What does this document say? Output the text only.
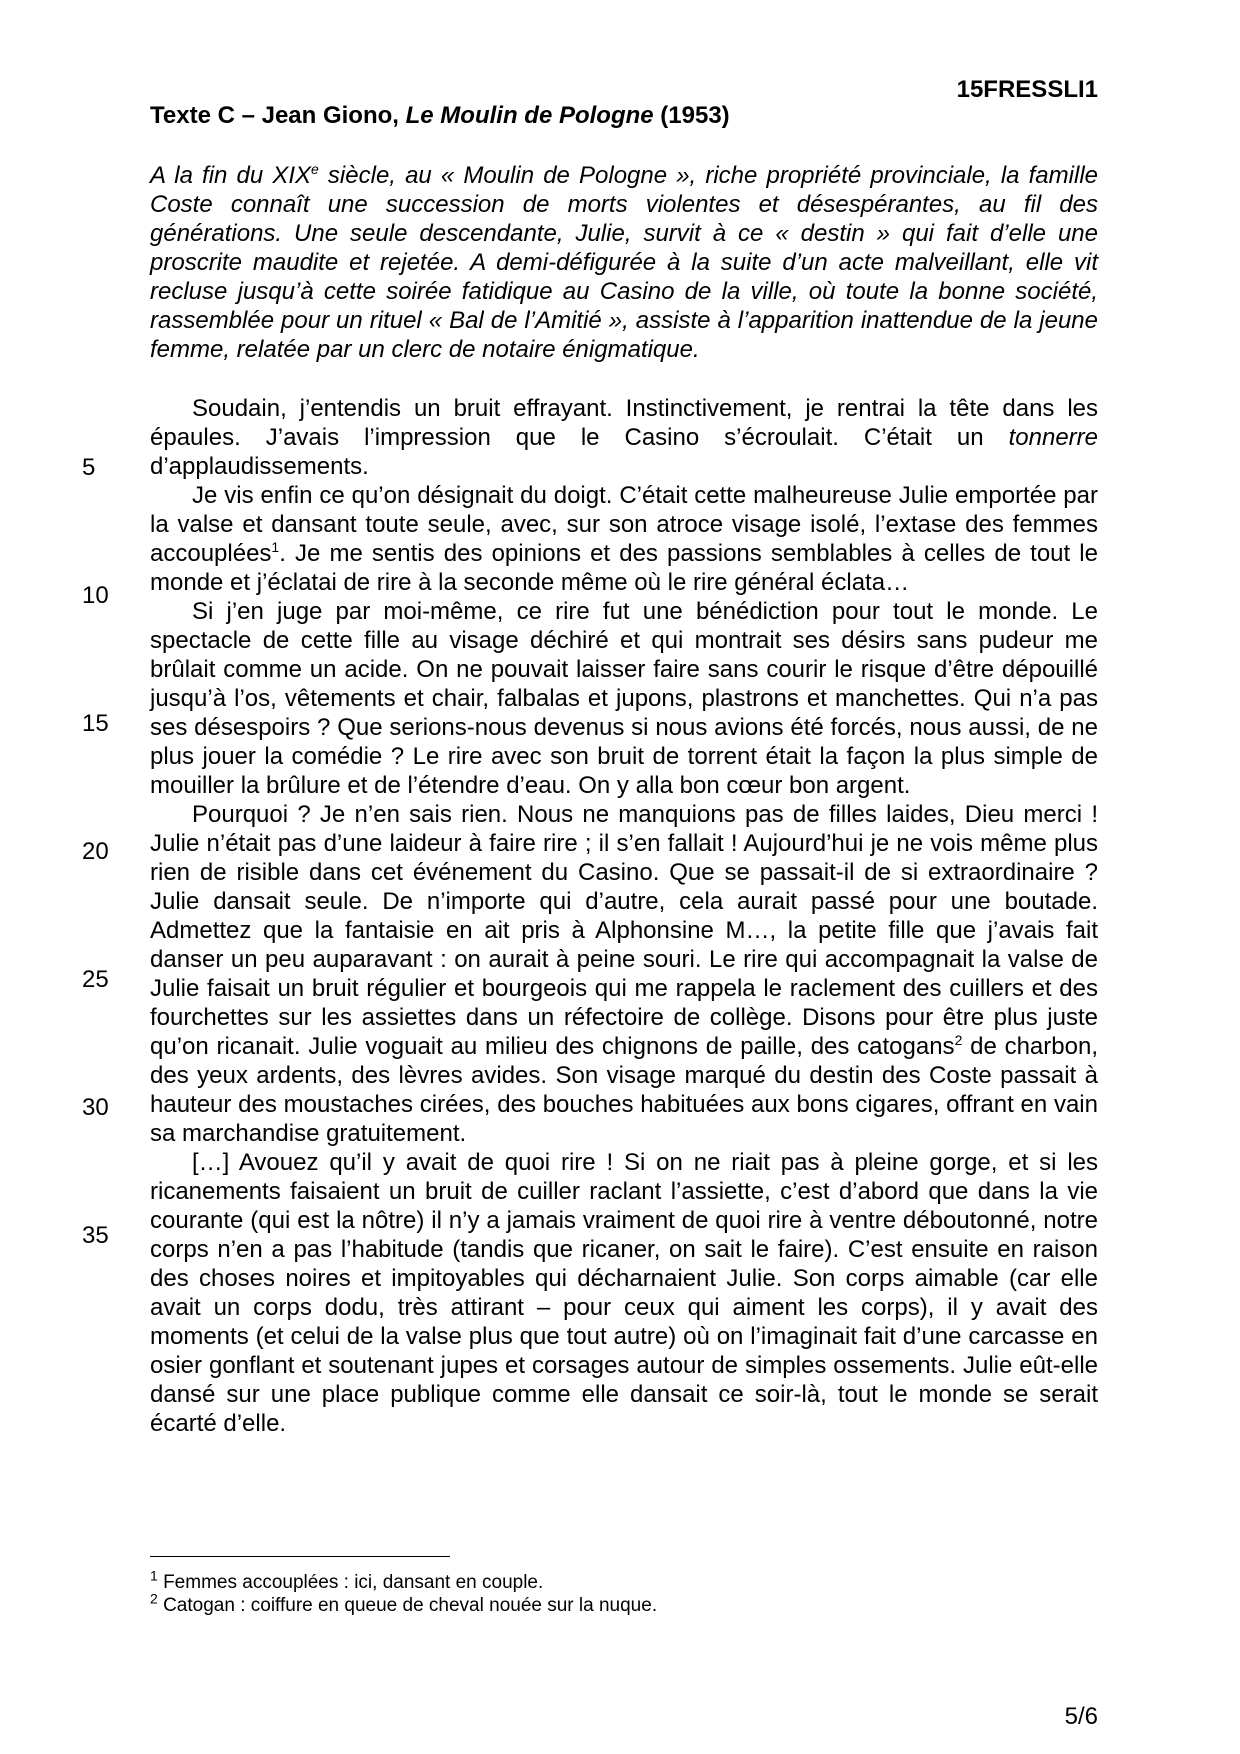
15FRESSLI1
Texte C – Jean Giono, Le Moulin de Pologne (1953)
A la fin du XIXe siècle, au « Moulin de Pologne », riche propriété provinciale, la famille Coste connaît une succession de morts violentes et désespérantes, au fil des générations. Une seule descendante, Julie, survit à ce « destin » qui fait d’elle une proscrite maudite et rejetée. A demi-défigurée à la suite d’un acte malveillant, elle vit recluse jusqu’à cette soirée fatidique au Casino de la ville, où toute la bonne société, rassemblée pour un rituel « Bal de l’Amitié », assiste à l’apparition inattendue de la jeune femme, relatée par un clerc de notaire énigmatique.
5
10
15
20
25
30
35

Soudain, j’entendis un bruit effrayant. Instinctivement, je rentrai la tête dans les épaules. J’avais l’impression que le Casino s’écroulait. C’était un tonnerre d’applaudissements.

Je vis enfin ce qu’on désignait du doigt. C’était cette malheureuse Julie emportée par la valse et dansant toute seule, avec, sur son atroce visage isolé, l’extase des femmes accouplées$^1$. Je me sentis des opinions et des passions semblables à celles de tout le monde et j’éclatai de rire à la seconde même où le rire général éclata…

Si j’en juge par moi-même, ce rire fut une bénédiction pour tout le monde. Le spectacle de cette fille au visage déchiré et qui montrait ses désirs sans pudeur me brûlait comme un acide. On ne pouvait laisser faire sans courir le risque d’être dépouillé jusqu’à l’os, vêtements et chair, falbalas et jupons, plastrons et manchettes. Qui n’a pas ses désespoirs ? Que serions-nous devenus si nous avions été forcés, nous aussi, de ne plus jouer la comédie ? Le rire avec son bruit de torrent était la façon la plus simple de mouiller la brûlure et de l’étendre d’eau. On y alla bon cœur bon argent.

Pourquoi ? Je n’en sais rien. Nous ne manquions pas de filles laides, Dieu merci ! Julie n’était pas d’une laideur à faire rire ; il s’en fallait ! Aujourd’hui je ne vois même plus rien de risible dans cet événement du Casino. Que se passait-il de si extraordinaire ? Julie dansait seule. De n’importe qui d’autre, cela aurait passé pour une boutade. Admettez que la fantaisie en ait pris à Alphonsine M…, la petite fille que j’avais fait danser un peu auparavant : on aurait à peine souri. Le rire qui accompagnait la valse de Julie faisait un bruit régulier et bourgeois qui me rappela le raclement des cuillers et des fourchettes sur les assiettes dans un réfectoire de collège. Disons pour être plus juste qu’on ricanait. Julie voguait au milieu des chignons de paille, des catogans$^2$ de charbon, des yeux ardents, des lèvres avides. Son visage marqué du destin des Coste passait à hauteur des moustaches cirées, des bouches habituées aux bons cigares, offrant en vain sa marchandise gratuitement.

[…] Avouez qu’il y avait de quoi rire ! Si on ne riait pas à pleine gorge, et si les ricanements faisaient un bruit de cuiller raclant l’assiette, c’est d’abord que dans la vie courante (qui est la nôtre) il n’y a jamais vraiment de quoi rire à ventre déboutonné, notre corps n’en a pas l’habitude (tandis que ricaner, on sait le faire). C’est ensuite en raison des choses noires et impitoyables qui décharnaient Julie. Son corps aimable (car elle avait un corps dodu, très attirant – pour ceux qui aiment les corps), il y avait des moments (et celui de la valse plus que tout autre) où on l’imaginait fait d’une carcasse en osier gonflant et soutenant jupes et corsages autour de simples ossements. Julie eût-elle dansé sur une place publique comme elle dansait ce soir-là, tout le monde se serait écarté d’elle.

$^1$ Femmes accouplées : ici, dansant en couple.
$^2$ Catogan : coiffure en queue de cheval nouée sur la nuque.
5/6
